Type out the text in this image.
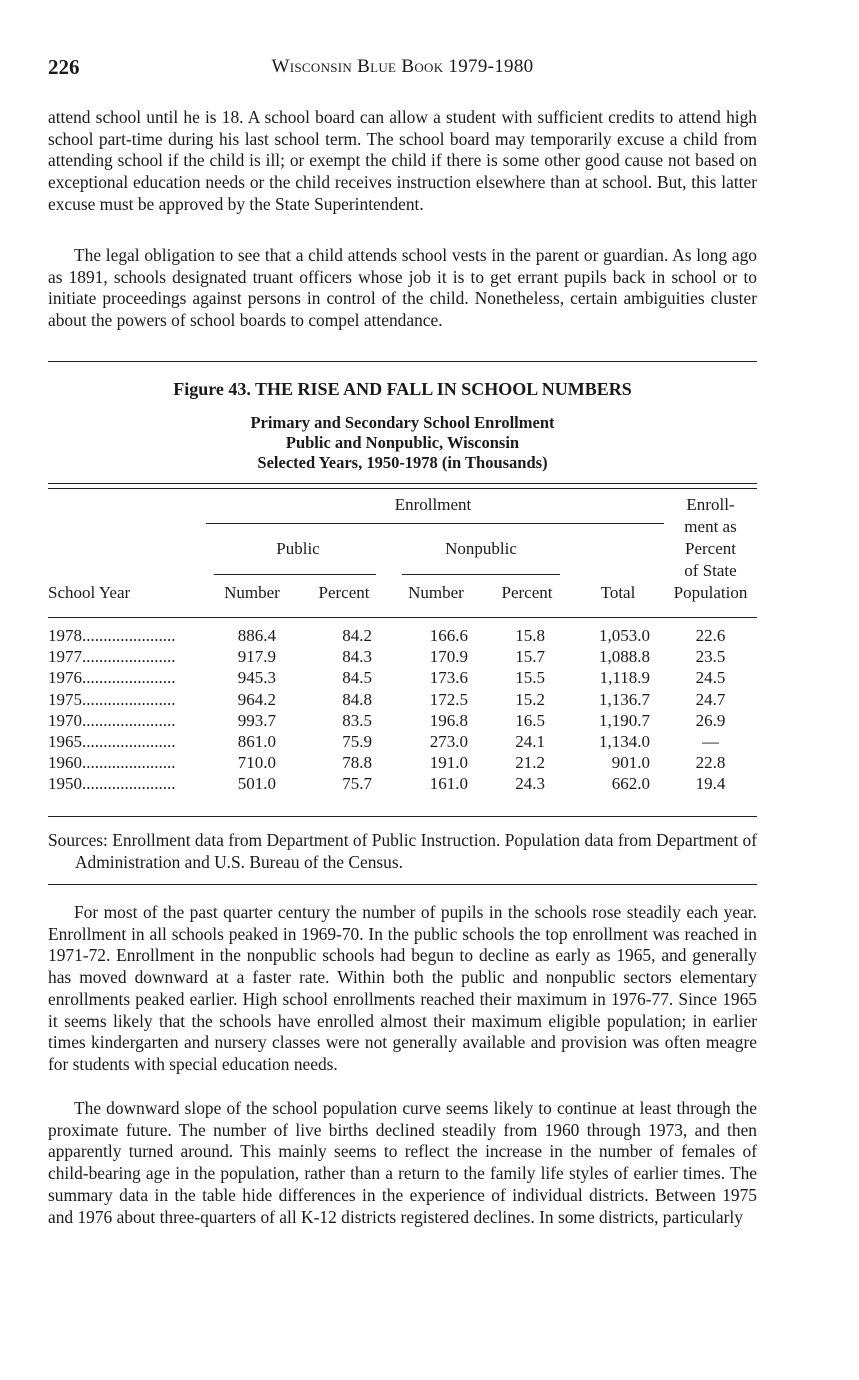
226	Wisconsin Blue Book 1979-1980

attend school until he is 18. A school board can allow a student with sufficient credits to attend high school part-time during his last school term. The school board may temporarily excuse a child from attending school if the child is ill; or exempt the child if there is some other good cause not based on exceptional education needs or the child receives instruction elsewhere than at school. But, this latter excuse must be approved by the State Superintendent.

The legal obligation to see that a child attends school vests in the parent or guardian. As long ago as 1891, schools designated truant officers whose job it is to get errant pupils back in school or to initiate proceedings against persons in control of the child. Nonetheless, certain ambiguities cluster about the powers of school boards to compel attendance.

Figure 43. THE RISE AND FALL IN SCHOOL NUMBERS
Primary and Secondary School Enrollment
Public and Nonpublic, Wisconsin
Selected Years, 1950-1978 (in Thousands)
Enrollment
Public	Nonpublic
School Year	Number	Percent	Number	Percent	Total
Enroll-
ment as
Percent
of State
Population
1978......................	886.4	84.2	166.6	15.8	1,053.0	22.6
1977......................	917.9	84.3	170.9	15.7	1,088.8	23.5
1976......................	945.3	84.5	173.6	15.5	1,118.9	24.5
1975......................	964.2	84.8	172.5	15.2	1,136.7	24.7
1970......................	993.7	83.5	196.8	16.5	1,190.7	26.9
1965......................	861.0	75.9	273.0	24.1	1,134.0	—
1960......................	710.0	78.8	191.0	21.2	901.0	22.8
1950......................	501.0	75.7	161.0	24.3	662.0	19.4

Sources: Enrollment data from Department of Public Instruction. Population data from Department of Administration and U.S. Bureau of the Census.

For most of the past quarter century the number of pupils in the schools rose steadily each year. Enrollment in all schools peaked in 1969-70. In the public schools the top enrollment was reached in 1971-72. Enrollment in the nonpublic schools had begun to decline as early as 1965, and generally has moved downward at a faster rate. Within both the public and nonpublic sectors elementary enrollments peaked earlier. High school enrollments reached their maximum in 1976-77. Since 1965 it seems likely that the schools have enrolled almost their maximum eligible population; in earlier times kindergarten and nursery classes were not generally available and provision was often meagre for students with special education needs.

The downward slope of the school population curve seems likely to continue at least through the proximate future. The number of live births declined steadily from 1960 through 1973, and then apparently turned around. This mainly seems to reflect the increase in the number of females of child-bearing age in the population, rather than a return to the family life styles of earlier times. The summary data in the table hide differences in the experience of individual districts. Between 1975 and 1976 about three-quarters of all K-12 districts registered declines. In some districts, particularly
